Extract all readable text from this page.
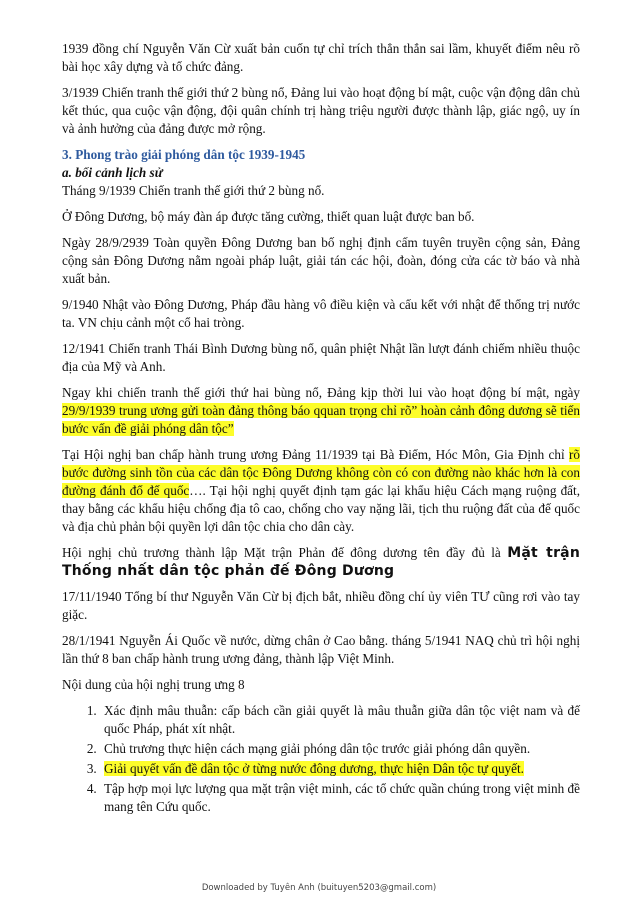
1939 đồng chí Nguyễn Văn Cừ xuất bản cuốn tự chỉ trích thẳn thắn sai lầm, khuyết điểm nêu rõ bài học xây dựng và tổ chức đảng.

3/1939 Chiến tranh thế giới thứ 2 bùng nổ, Đảng lui vào hoạt động bí mật, cuộc vận động dân chủ kết thúc, qua cuộc vận động, đội quân chính trị hàng triệu người được thành lập, giác ngộ, uy ín và ảnh hưởng của đảng được mở rộng.

3. Phong trào giải phóng dân tộc 1939-1945

a. bối cảnh lịch sử

Tháng 9/1939 Chiến tranh thế giới thứ 2 bùng nổ.

Ở Đông Dương, bộ máy đàn áp được tăng cường, thiết quan luật được ban bố.

Ngày 28/9/2939 Toàn quyền Đông Dương ban bố nghị định cấm tuyên truyền cộng sản, Đảng cộng sản Đông Dương nằm ngoài pháp luật, giải tán các hội, đoàn, đóng cửa các tờ báo và nhà xuất bản.

9/1940 Nhật vào Đông Dương, Pháp đầu hàng vô điều kiện và cấu kết với nhật để thống trị nước ta. VN chịu cảnh một cổ hai tròng.

12/1941 Chiến tranh Thái Bình Dương bùng nổ, quân phiệt Nhật lần lượt đánh chiếm nhiều thuộc địa của Mỹ và Anh.

Ngay khi chiến tranh thế giới thứ hai bùng nổ, Đảng kịp thời lui vào hoạt động bí mật, ngày 29/9/1939 trung ương gửi toàn đảng thông báo qquan trọng chỉ rõ” hoàn cảnh đông dương sẽ tiến bước vấn đề giải phóng dân tộc”

Tại Hội nghị ban chấp hành trung ương Đảng 11/1939 tại Bà Điểm, Hóc Môn, Gia Định chỉ rõ bước đường sinh tồn của các dân tộc Đông Dương không còn có con đường nào khác hơn là con đường đánh đổ đế quốc…. Tại hội nghị quyết định tạm gác lại khẩu hiệu Cách mạng ruộng đất, thay bằng các khẩu hiệu chống địa tô cao, chống cho vay nặng lãi, tịch thu ruộng đất của đế quốc và địa chủ phản bội quyền lợi dân tộc chia cho dân cày.

Hội nghị chủ trương thành lập Mặt trận Phản đế đông dương tên đầy đủ là Mặt trận Thống nhất dân tộc phản đế Đông Dương

17/11/1940 Tổng bí thư Nguyễn Văn Cừ bị địch bắt, nhiều đồng chí ủy viên TƯ cũng rơi vào tay giặc.

28/1/1941 Nguyễn Ái Quốc về nước, dừng chân ở Cao bằng. tháng 5/1941 NAQ chủ trì hội nghị lần thứ 8 ban chấp hành trung ương đảng, thành lập Việt Minh.

Nội dung của hội nghị trung ưng 8

1. Xác định mâu thuẫn: cấp bách cần giải quyết là mâu thuẫn giữa dân tộc việt nam và đế quốc Pháp, phát xít nhật.
2. Chủ trương thực hiện cách mạng giải phóng dân tộc trước giải phóng dân quyền.
3. Giải quyết vấn đề dân tộc ở từng nước đông dương, thực hiện Dân tộc tự quyết.
4. Tập hợp mọi lực lượng qua mặt trận việt minh, các tổ chức quần chúng trong việt minh đề mang tên Cứu quốc.
Downloaded by Tuyên Anh (buituyen5203@gmail.com)
